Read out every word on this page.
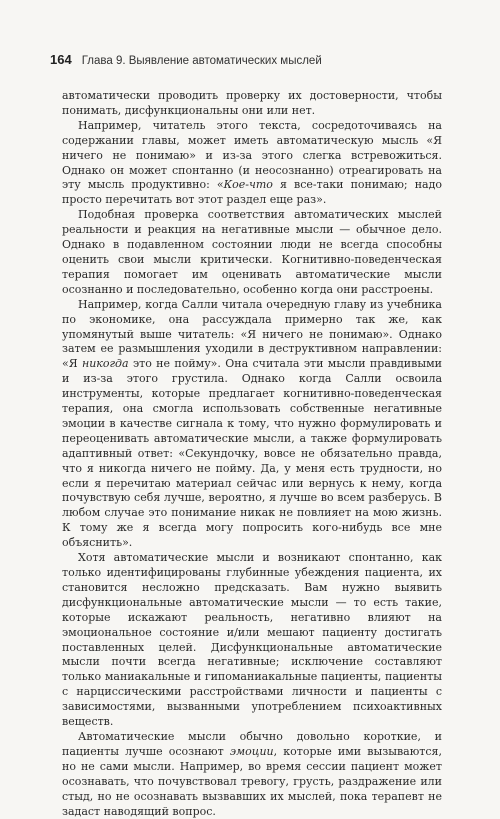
164 Глава 9. Выявление автоматических мыслей

автоматически проводить проверку их достоверности, чтобы понимать, дисфункциональны они или нет.

Например, читатель этого текста, сосредоточиваясь на содержании главы, может иметь автоматическую мысль «Я ничего не понимаю» и из-за этого слегка встревожиться. Однако он может спонтанно (и неосознанно) отреагировать на эту мысль продуктивно: «Кое-что я все-таки понимаю; надо просто перечитать вот этот раздел еще раз».

Подобная проверка соответствия автоматических мыслей реальности и реакция на негативные мысли — обычное дело. Однако в подавленном состоянии люди не всегда способны оценить свои мысли критически. Когнитивно-поведенческая терапия помогает им оценивать автоматические мысли осознанно и последовательно, особенно когда они расстроены.

Например, когда Салли читала очередную главу из учебника по экономике, она рассуждала примерно так же, как упомянутый выше читатель: «Я ничего не понимаю». Однако затем ее размышления уходили в деструктивном направлении: «Я никогда это не пойму». Она считала эти мысли правдивыми и из-за этого грустила. Однако когда Салли освоила инструменты, которые предлагает когнитивно-поведенческая терапия, она смогла использовать собственные негативные эмоции в качестве сигнала к тому, что нужно формулировать и переоценивать автоматические мысли, а также формулировать адаптивный ответ: «Секундочку, вовсе не обязательно правда, что я никогда ничего не пойму. Да, у меня есть трудности, но если я перечитаю материал сейчас или вернусь к нему, когда почувствую себя лучше, вероятно, я лучше во всем разберусь. В любом случае это понимание никак не повлияет на мою жизнь. К тому же я всегда могу попросить кого-нибудь все мне объяснить».

Хотя автоматические мысли и возникают спонтанно, как только идентифицированы глубинные убеждения пациента, их становится несложно предсказать. Вам нужно выявить дисфункциональные автоматические мысли — то есть такие, которые искажают реальность, негативно влияют на эмоциональное состояние и/или мешают пациенту достигать поставленных целей. Дисфункциональные автоматические мысли почти всегда негативные; исключение составляют только маниакальные и гипоманиакальные пациенты, пациенты с нарциссическими расстройствами личности и пациенты с зависимостями, вызванными употреблением психоактивных веществ.

Автоматические мысли обычно довольно короткие, и пациенты лучше осознают эмоции, которые ими вызываются, но не сами мысли. Например, во время сессии пациент может осознавать, что почувствовал тревогу, грусть, раздражение или стыд, но не осознавать вызвавших их мыслей, пока терапевт не задаст наводящий вопрос.
